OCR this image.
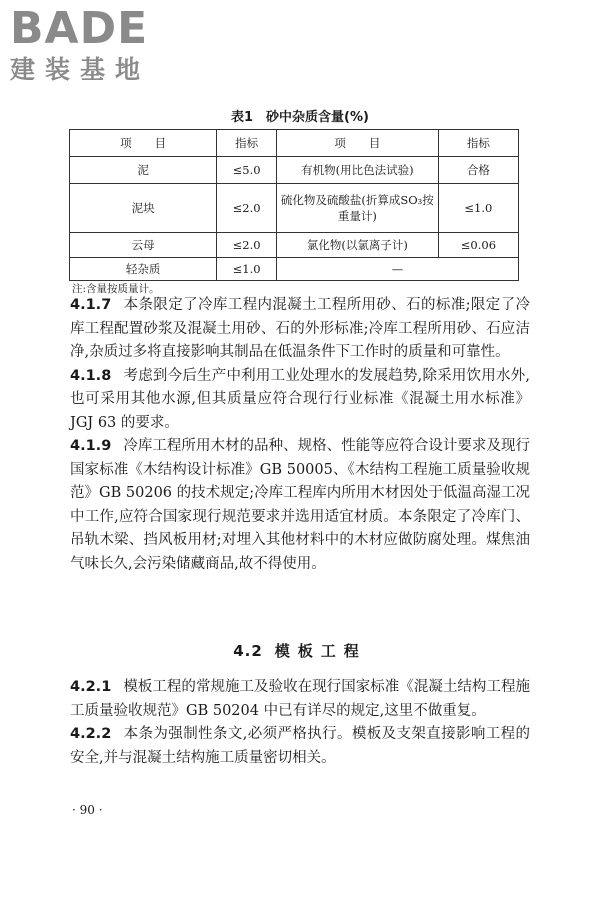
BADE
建装基地
表1　砂中杂质含量(%)
项　　目	指标	项　　目	指标
泥	≤5.0	有机物(用比色法试验)	合格
泥块	≤2.0	硫化物及硫酸盐(折算成SO₃按重量计)	≤1.0
云母	≤2.0	氯化物(以氯离子计)	≤0.06
轻杂质	≤1.0	—	
注:含量按质量计。

4.1.7 本条限定了冷库工程内混凝土工程所用砂、石的标准;限定了冷库工程配置砂浆及混凝土用砂、石的外形标准;冷库工程所用砂、石应洁净,杂质过多将直接影响其制品在低温条件下工作时的质量和可靠性。

4.1.8 考虑到今后生产中利用工业处理水的发展趋势,除采用饮用水外,也可采用其他水源,但其质量应符合现行行业标准《混凝土用水标准》JGJ 63 的要求。

4.1.9 冷库工程所用木材的品种、规格、性能等应符合设计要求及现行国家标准《木结构设计标准》GB 50005、《木结构工程施工质量验收规范》GB 50206 的技术规定;冷库工程库内所用木材因处于低温高湿工况中工作,应符合国家现行规范要求并选用适宜材质。本条限定了冷库门、吊轨木梁、挡风板用材;对埋入其他材料中的木材应做防腐处理。煤焦油气味长久,会污染储藏商品,故不得使用。

4.2 模板工程

4.2.1 模板工程的常规施工及验收在现行国家标准《混凝土结构工程施工质量验收规范》GB 50204 中已有详尽的规定,这里不做重复。

4.2.2 本条为强制性条文,必须严格执行。模板及支架直接影响工程的安全,并与混凝土结构施工质量密切相关。

· 90 ·
